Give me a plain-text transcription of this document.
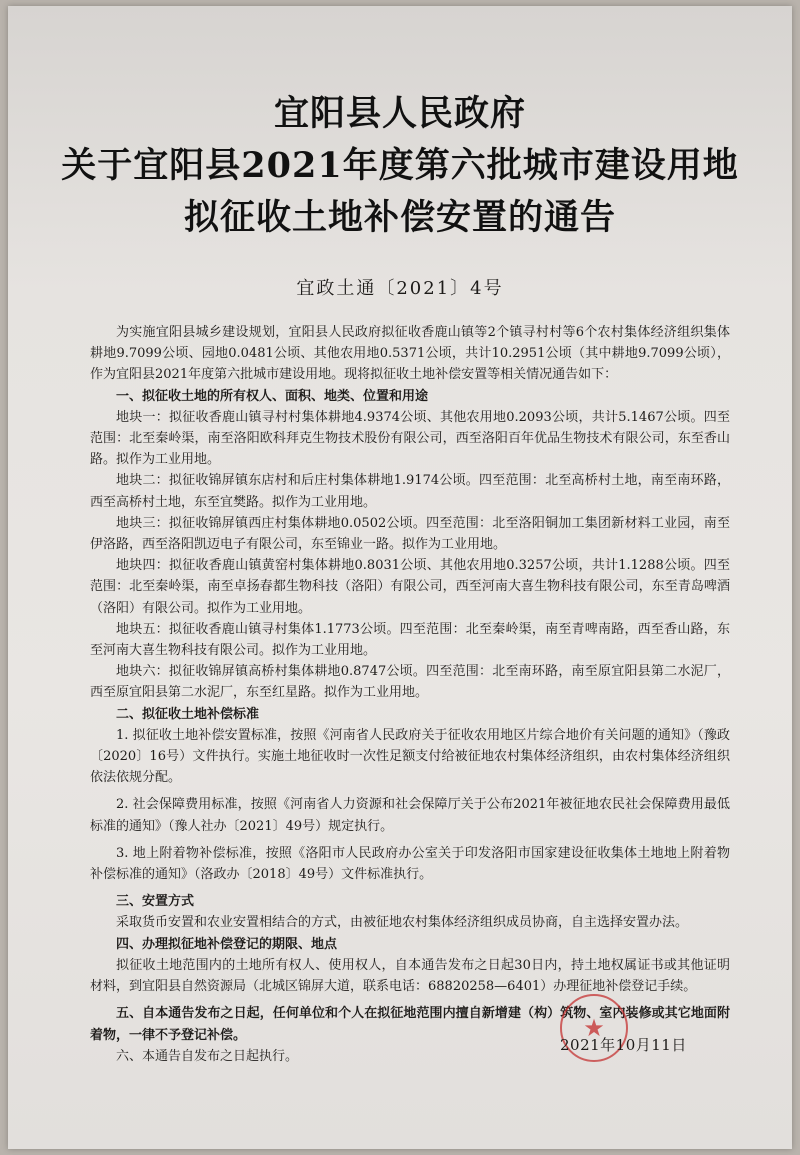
宜阳县人民政府
关于宜阳县2021年度第六批城市建设用地
拟征收土地补偿安置的通告
宜政土通〔2021〕4号

为实施宜阳县城乡建设规划，宜阳县人民政府拟征收香鹿山镇等2个镇寻村村等6个农村集体经济组织集体耕地9.7099公顷、园地0.0481公顷、其他农用地0.5371公顷，共计10.2951公顷（其中耕地9.7099公顷），作为宜阳县2021年度第六批城市建设用地。现将拟征收土地补偿安置等相关情况通告如下：

一、拟征收土地的所有权人、面积、地类、位置和用途

地块一：拟征收香鹿山镇寻村村集体耕地4.9374公顷、其他农用地0.2093公顷，共计5.1467公顷。四至范围：北至秦岭渠，南至洛阳欧科拜克生物技术股份有限公司，西至洛阳百年优品生物技术有限公司，东至香山路。拟作为工业用地。

地块二：拟征收锦屏镇东店村和后庄村集体耕地1.9174公顷。四至范围：北至高桥村土地，南至南环路，西至高桥村土地，东至宜樊路。拟作为工业用地。

地块三：拟征收锦屏镇西庄村集体耕地0.0502公顷。四至范围：北至洛阳铜加工集团新材料工业园，南至伊洛路，西至洛阳凯迈电子有限公司，东至锦业一路。拟作为工业用地。

地块四：拟征收香鹿山镇黄窑村集体耕地0.8031公顷、其他农用地0.3257公顷，共计1.1288公顷。四至范围：北至秦岭渠，南至卓扬春都生物科技（洛阳）有限公司，西至河南大喜生物科技有限公司，东至青岛啤酒（洛阳）有限公司。拟作为工业用地。

地块五：拟征收香鹿山镇寻村集体1.1773公顷。四至范围：北至秦岭渠，南至青啤南路，西至香山路，东至河南大喜生物科技有限公司。拟作为工业用地。

地块六：拟征收锦屏镇高桥村集体耕地0.8747公顷。四至范围：北至南环路，南至原宜阳县第二水泥厂，西至原宜阳县第二水泥厂，东至红星路。拟作为工业用地。

二、拟征收土地补偿标准

1. 拟征收土地补偿安置标准，按照《河南省人民政府关于征收农用地区片综合地价有关问题的通知》（豫政〔2020〕16号）文件执行。实施土地征收时一次性足额支付给被征地农村集体经济组织，由农村集体经济组织依法依规分配。

2. 社会保障费用标准，按照《河南省人力资源和社会保障厅关于公布2021年被征地农民社会保障费用最低标准的通知》（豫人社办〔2021〕49号）规定执行。

3. 地上附着物补偿标准，按照《洛阳市人民政府办公室关于印发洛阳市国家建设征收集体土地地上附着物补偿标准的通知》（洛政办〔2018〕49号）文件标准执行。

三、安置方式

采取货币安置和农业安置相结合的方式，由被征地农村集体经济组织成员协商，自主选择安置办法。

四、办理拟征地补偿登记的期限、地点

拟征收土地范围内的土地所有权人、使用权人，自本通告发布之日起30日内，持土地权属证书或其他证明材料，到宜阳县自然资源局（北城区锦屏大道，联系电话：68820258—6401）办理征地补偿登记手续。

五、自本通告发布之日起，任何单位和个人在拟征地范围内擅自新增建（构）筑物、室内装修或其它地面附着物，一律不予登记补偿。

六、本通告自发布之日起执行。

★
2021年10月11日
